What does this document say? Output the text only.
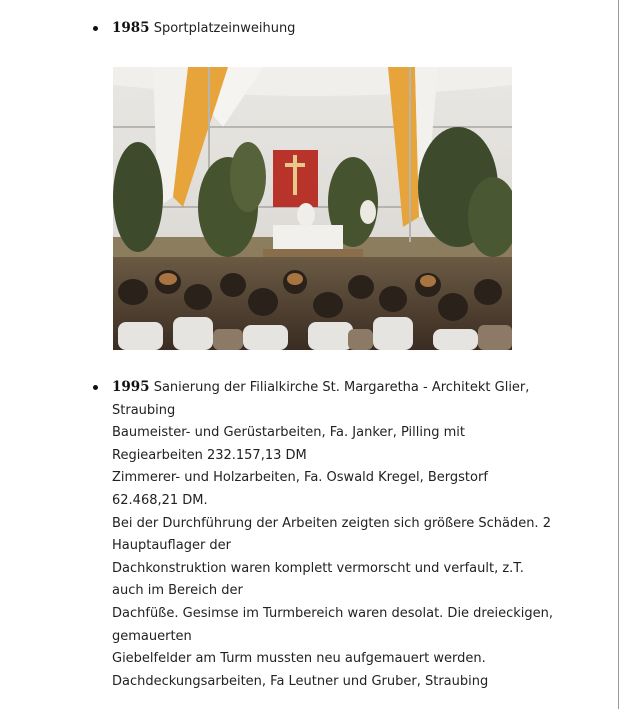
1985 Sportplatzeinweihung
1995 Sanierung der Filialkirche St. Margaretha - Architekt Glier,
Straubing
Baumeister- und Gerüstarbeiten, Fa. Janker, Pilling mit
Regiearbeiten 232.157,13 DM
Zimmerer- und Holzarbeiten, Fa. Oswald Kregel, Bergstorf
62.468,21 DM.
Bei der Durchführung der Arbeiten zeigten sich größere Schäden. 2
Hauptauflager der
Dachkonstruktion waren komplett vermorscht und verfault, z.T.
auch im Bereich der
Dachfüße. Gesimse im Turmbereich waren desolat. Die dreieckigen,
gemauerten
Giebelfelder am Turm mussten neu aufgemauert werden.
Dachdeckungsarbeiten, Fa Leutner und Gruber, Straubing
